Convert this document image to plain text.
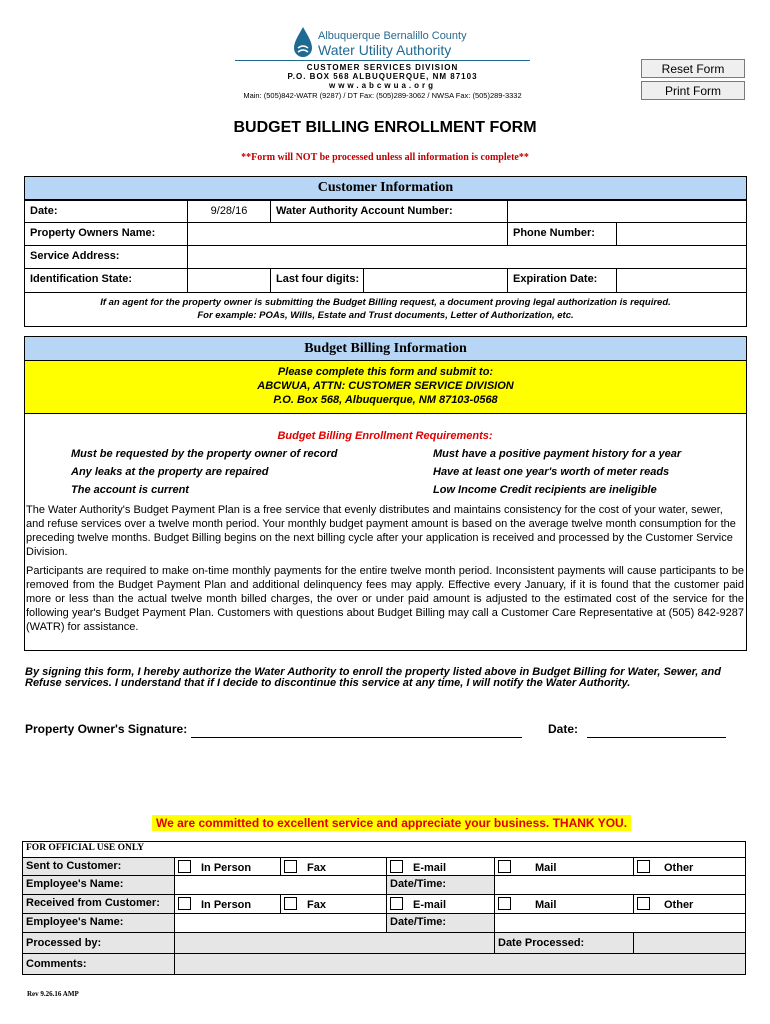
Albuquerque Bernalillo County
Water Utility Authority
CUSTOMER SERVICES DIVISION
P.O. BOX 568 ALBUQUERQUE, NM 87103
www.abcwua.org
Main: (505)842-WATR (9287) / DT Fax: (505)289-3062 / NWSA Fax: (505)289-3332
Reset Form
Print Form
BUDGET BILLING ENROLLMENT FORM
**Form will NOT be processed unless all information is complete**
Customer Information
Date:	9/28/16	Water Authority Account Number:
Property Owners Name:	Phone Number:
Service Address:
Identification State:	Last four digits:	Expiration Date:
If an agent for the property owner is submitting the Budget Billing request, a document proving legal authorization is required.
For example: POAs, Wills, Estate and Trust documents, Letter of Authorization, etc.
Budget Billing Information
Please complete this form and submit to:
ABCWUA, ATTN: CUSTOMER SERVICE DIVISION
P.O. Box 568, Albuquerque, NM 87103-0568
Budget Billing Enrollment Requirements:
Must be requested by the property owner of record
Any leaks at the property are repaired
The account is current
Must have a positive payment history for a year
Have at least one year's worth of meter reads
Low Income Credit recipients are ineligible
The Water Authority's Budget Payment Plan is a free service that evenly distributes and maintains consistency for the cost of your water, sewer, and refuse services over a twelve month period. Your monthly budget payment amount is based on the average twelve month consumption for the preceding twelve months. Budget Billing begins on the next billing cycle after your application is received and processed by the Customer Service Division.
Participants are required to make on-time monthly payments for the entire twelve month period. Inconsistent payments will cause participants to be removed from the Budget Payment Plan and additional delinquency fees may apply. Effective every January, if it is found that the customer paid more or less than the actual twelve month billed charges, the over or under paid amount is adjusted to the estimated cost of the service for the following year's Budget Payment Plan. Customers with questions about Budget Billing may call a Customer Care Representative at (505) 842-9287 (WATR) for assistance.
By signing this form, I hereby authorize the Water Authority to enroll the property listed above in Budget Billing for Water, Sewer, and Refuse services. I understand that if I decide to discontinue this service at any time, I will notify the Water Authority.
Property Owner's Signature:	Date:
We are committed to excellent service and appreciate your business. THANK YOU.
FOR OFFICIAL USE ONLY
Sent to Customer:	In Person	Fax	E-mail	Mail	Other
Employee's Name:	Date/Time:
Received from Customer:	In Person	Fax	E-mail	Mail	Other
Employee's Name:	Date/Time:
Processed by:	Date Processed:
Comments:
Rev 9.26.16 AMP
